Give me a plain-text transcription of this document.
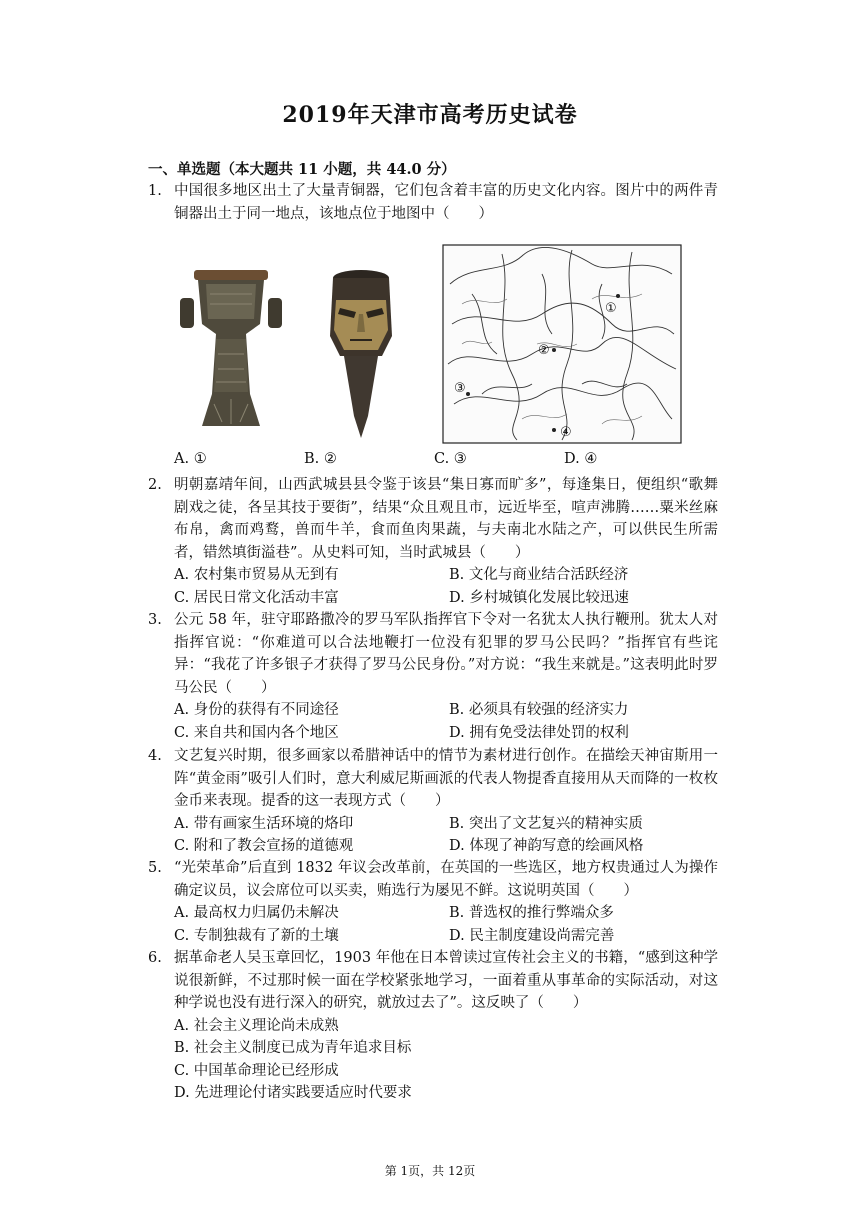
2019年天津市高考历史试卷
一、单选题（本大题共 11 小题，共 44.0 分）
1. 中国很多地区出土了大量青铜器，它们包含着丰富的历史文化内容。图片中的两件青铜器出土于同一地点，该地点位于地图中（　　）
①
②
③
④
A. ①	B. ②	C. ③	D. ④
2. 明朝嘉靖年间，山西武城县县令鉴于该县“集日寡而旷多”，每逢集日，便组织“歌舞剧戏之徒，各呈其技于要街”，结果“众且观且市，远近毕至，喧声沸腾……粟米丝麻布帛，禽而鸡鹜，兽而牛羊，食而鱼肉果蔬，与夫南北水陆之产，可以供民生所需者，错然填街溢巷”。从史料可知，当时武城县（　　）
A. 农村集市贸易从无到有	B. 文化与商业结合活跃经济
C. 居民日常文化活动丰富	D. 乡村城镇化发展比较迅速
3. 公元 58 年，驻守耶路撒冷的罗马军队指挥官下令对一名犹太人执行鞭刑。犹太人对指挥官说：“你难道可以合法地鞭打一位没有犯罪的罗马公民吗？”指挥官有些诧异：“我花了许多银子才获得了罗马公民身份。”对方说：“我生来就是。”这表明此时罗马公民（　　）
A. 身份的获得有不同途径	B. 必须具有较强的经济实力
C. 来自共和国内各个地区	D. 拥有免受法律处罚的权利
4. 文艺复兴时期，很多画家以希腊神话中的情节为素材进行创作。在描绘天神宙斯用一阵“黄金雨”吸引人们时，意大利威尼斯画派的代表人物提香直接用从天而降的一枚枚金币来表现。提香的这一表现方式（　　）
A. 带有画家生活环境的烙印	B. 突出了文艺复兴的精神实质
C. 附和了教会宣扬的道德观	D. 体现了神韵写意的绘画风格
5. “光荣革命”后直到 1832 年议会改革前，在英国的一些选区，地方权贵通过人为操作确定议员，议会席位可以买卖，贿选行为屡见不鲜。这说明英国（　　）
A. 最高权力归属仍未解决	B. 普选权的推行弊端众多
C. 专制独裁有了新的土壤	D. 民主制度建设尚需完善
6. 据革命老人吴玉章回忆，1903 年他在日本曾读过宣传社会主义的书籍，“感到这种学说很新鲜，不过那时候一面在学校紧张地学习，一面着重从事革命的实际活动，对这种学说也没有进行深入的研究，就放过去了”。这反映了（　　）
A. 社会主义理论尚未成熟
B. 社会主义制度已成为青年追求目标
C. 中国革命理论已经形成
D. 先进理论付诸实践要适应时代要求
第 1页，共 12页
